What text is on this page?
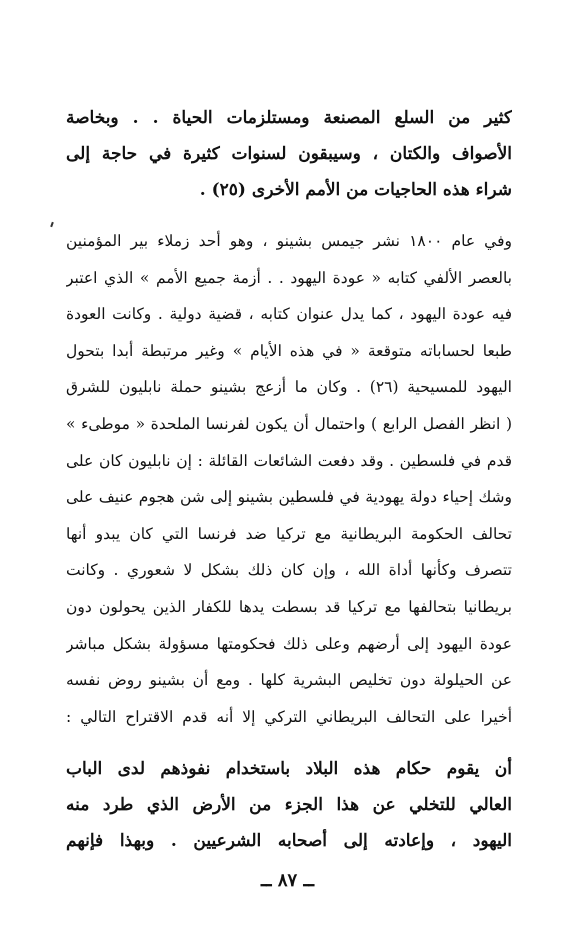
كثير من السلع المصنعة ومستلزمات الحياة . . وبخاصة
الأصواف والكتان ، وسيبقون لسنوات كثيرة في حاجة إلى
شراء هذه الحاجيات من الأمم الأخرى (٢٥) .
وفي عام ١٨٠٠ نشر جيمس بشينو ، وهو أحد زملاء بير المؤمنين
بالعصر الألفي كتابه « عودة اليهود . . أزمة جميع الأمم » الذي اعتبر
فيه عودة اليهود ، كما يدل عنوان كتابه ، قضية دولية . وكانت العودة
طبعا لحساباته متوقعة « في هذه الأيام » وغير مرتبطة أبدا بتحول
اليهود للمسيحية (٢٦) . وكان ما أزعج بشينو حملة نابليون للشرق
( انظر الفصل الرابع ) واحتمال أن يكون لفرنسا الملحدة « موطىء »
قدم في فلسطين . وقد دفعت الشائعات القائلة : إن نابليون كان على
وشك إحياء دولة يهودية في فلسطين بشينو إلى شن هجوم عنيف على
تحالف الحكومة البريطانية مع تركيا ضد فرنسا التي كان يبدو أنها
تتصرف وكأنها أداة الله ، وإن كان ذلك بشكل لا شعوري . وكانت
بريطانيا بتحالفها مع تركيا قد بسطت يدها للكفار الذين يحولون دون
عودة اليهود إلى أرضهم وعلى ذلك فحكومتها مسؤولة بشكل مباشر
عن الحيلولة دون تخليص البشرية كلها . ومع أن بشينو روض نفسه
أخيرا على التحالف البريطاني التركي إلا أنه قدم الاقتراح التالي :
أن يقوم حكام هذه البلاد باستخدام نفوذهم لدى الباب
العالي للتخلي عن هذا الجزء من الأرض الذي طرد منه
اليهود ، وإعادته إلى أصحابه الشرعيين . وبهذا فإنهم
ــ ٨٧ ــ
